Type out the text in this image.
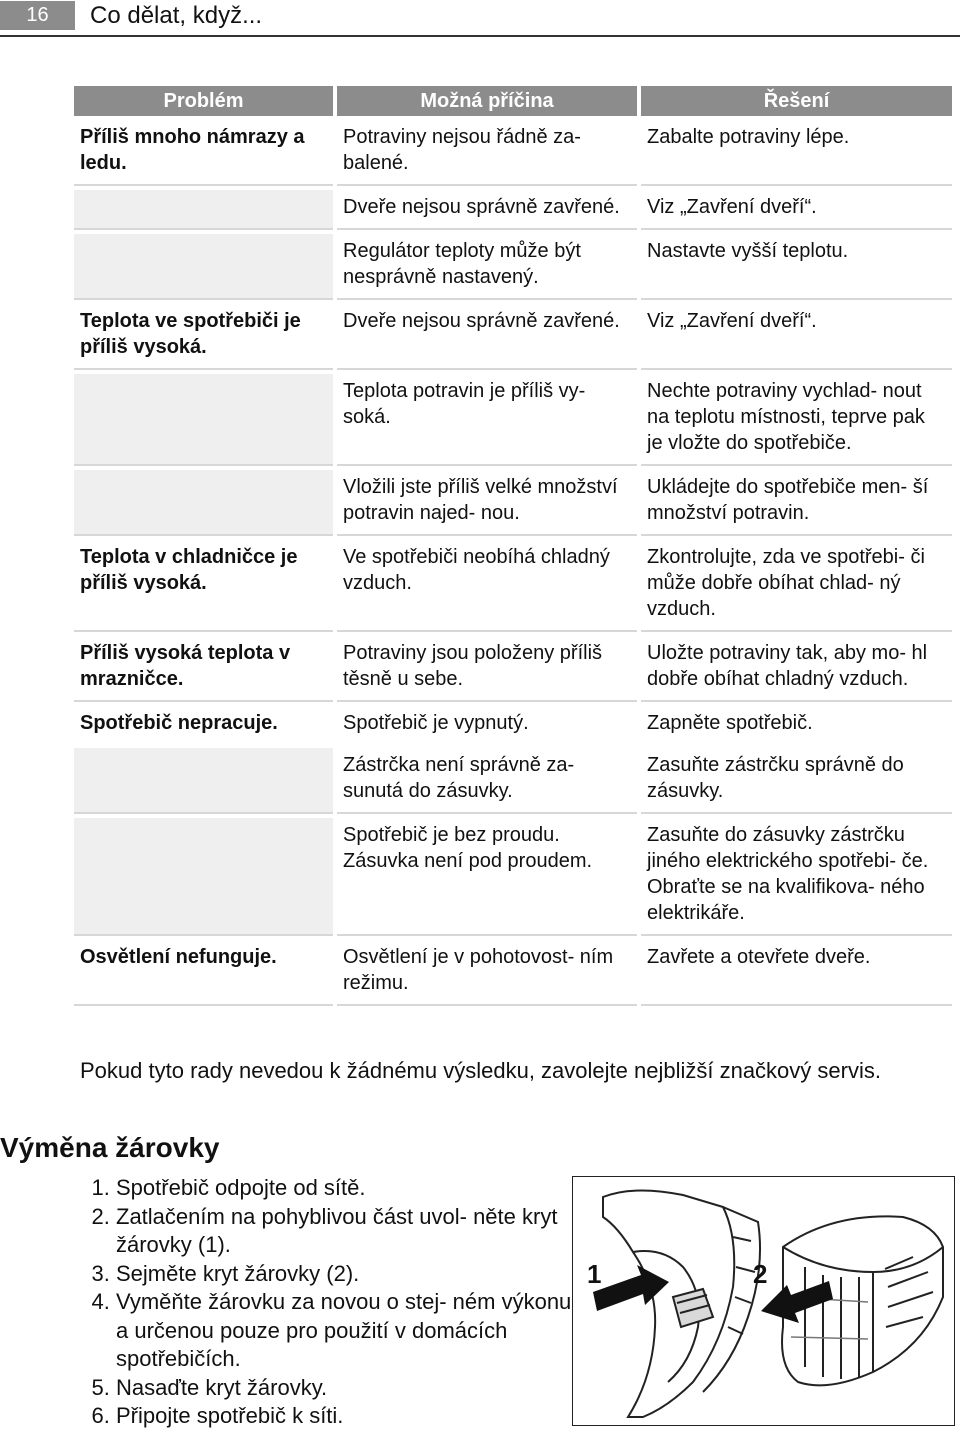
16	Co dělat, když...
Problém	Možná příčina	Řešení
Příliš mnoho námrazy a ledu.	Potraviny nejsou řádně za- balené.	Zabalte potraviny lépe.
	Dveře nejsou správně zavřené.	Viz „Zavření dveří“.
	Regulátor teploty může být nesprávně nastavený.	Nastavte vyšší teplotu.
Teplota ve spotřebiči je příliš vysoká.	Dveře nejsou správně zavřené.	Viz „Zavření dveří“.
	Teplota potravin je příliš vy- soká.	Nechte potraviny vychlad- nout na teplotu místnosti, teprve pak je vložte do spotřebiče.
	Vložili jste příliš velké množství potravin najed- nou.	Ukládejte do spotřebiče men- ší množství potravin.
Teplota v chladničce je příliš vysoká.	Ve spotřebiči neobíhá chladný vzduch.	Zkontrolujte, zda ve spotřebi- či může dobře obíhat chlad- ný vzduch.
Příliš vysoká teplota v mrazničce.	Potraviny jsou položeny příliš těsně u sebe.	Uložte potraviny tak, aby mo- hl dobře obíhat chladný vzduch.
Spotřebič nepracuje.	Spotřebič je vypnutý.	Zapněte spotřebič.
	Zástrčka není správně za- sunutá do zásuvky.	Zasuňte zástrčku správně do zásuvky.
	Spotřebič je bez proudu. Zásuvka není pod proudem.	Zasuňte do zásuvky zástrčku jiného elektrického spotřebi- če. Obraťte se na kvalifikova- ného elektrikáře.
Osvětlení nefunguje.	Osvětlení je v pohotovost- ním režimu.	Zavřete a otevřete dveře.
Pokud tyto rady nevedou k žádnému výsledku, zavolejte nejbližší značkový servis.
Výměna žárovky
1. Spotřebič odpojte od sítě.
2. Zatlačením na pohyblivou část uvol- něte kryt žárovky (1).
3. Sejměte kryt žárovky (2).
4. Vyměňte žárovku za novou o stej- ném výkonu a určenou pouze pro použití v domácích spotřebičích.
5. Nasaďte kryt žárovky.
6. Připojte spotřebič k síti.
1	2
